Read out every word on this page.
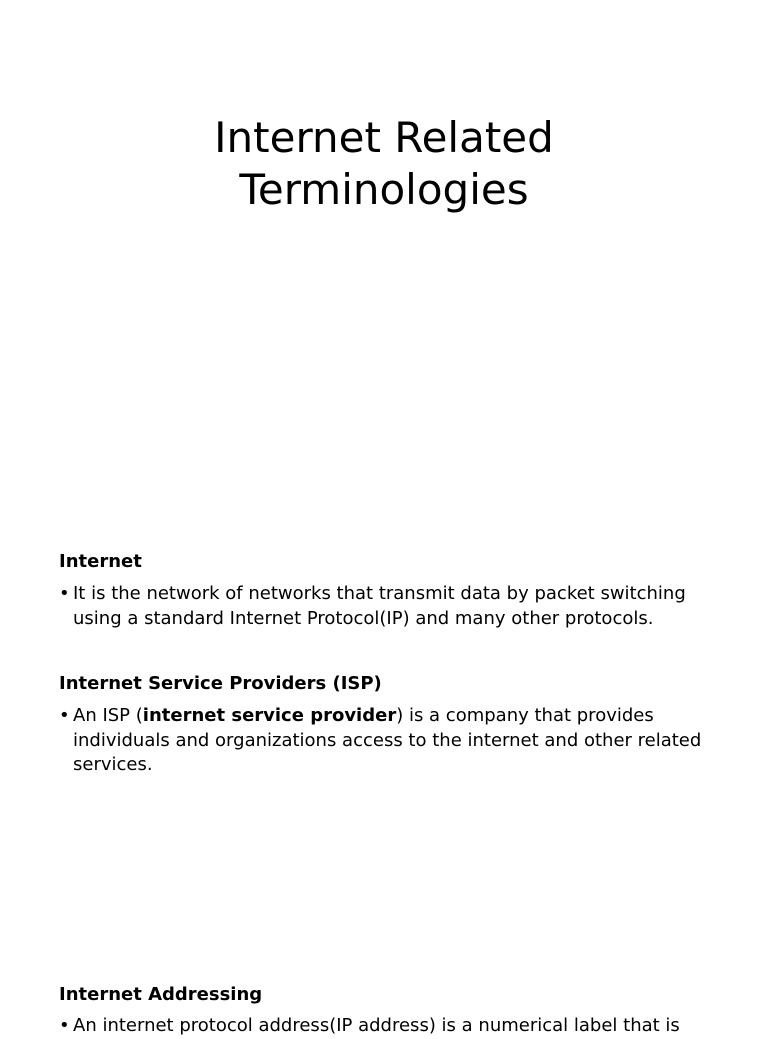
Internet Related
Terminologies
Internet
• It is the network of networks that transmit data by packet switching using a standard Internet Protocol(IP) and many other protocols.
Internet Service Providers (ISP)
• An ISP (internet service provider) is a company that provides individuals and organizations access to the internet and other related services.
Internet Addressing
• An internet protocol address(IP address) is a numerical label that is
